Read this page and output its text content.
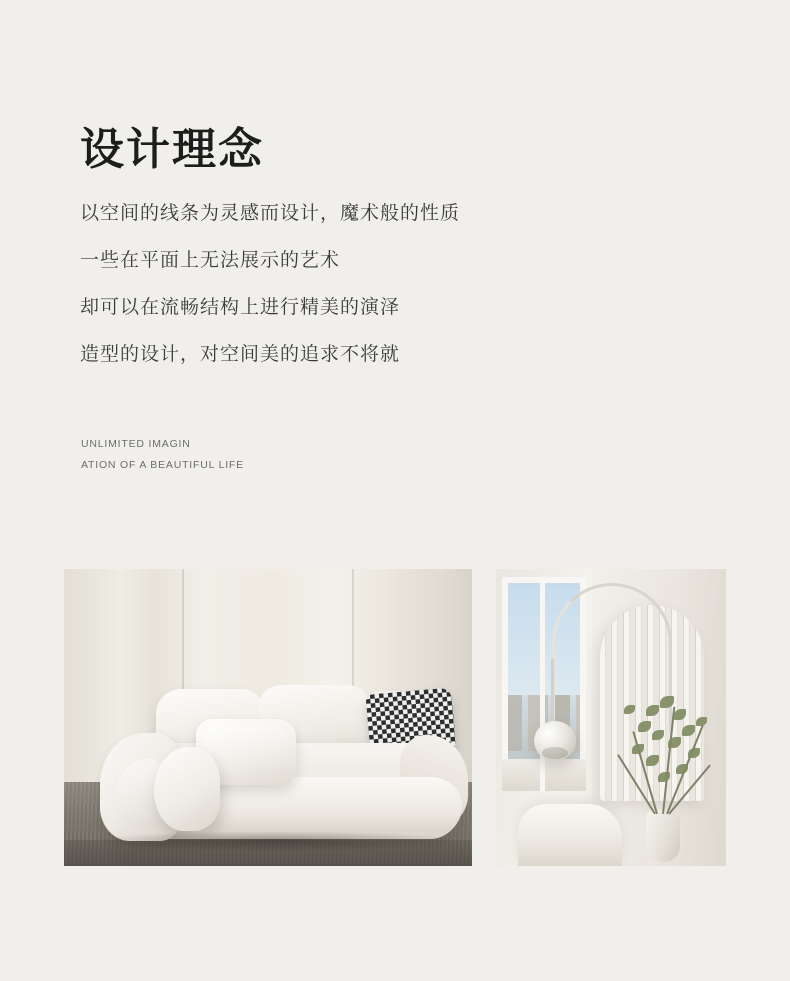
设计理念
以空间的线条为灵感而设计，魔术般的性质
一些在平面上无法展示的艺术
却可以在流畅结构上进行精美的演泽
造型的设计，对空间美的追求不将就
UNLIMITED IMAGIN
ATION OF A BEAUTIFUL LIFE
